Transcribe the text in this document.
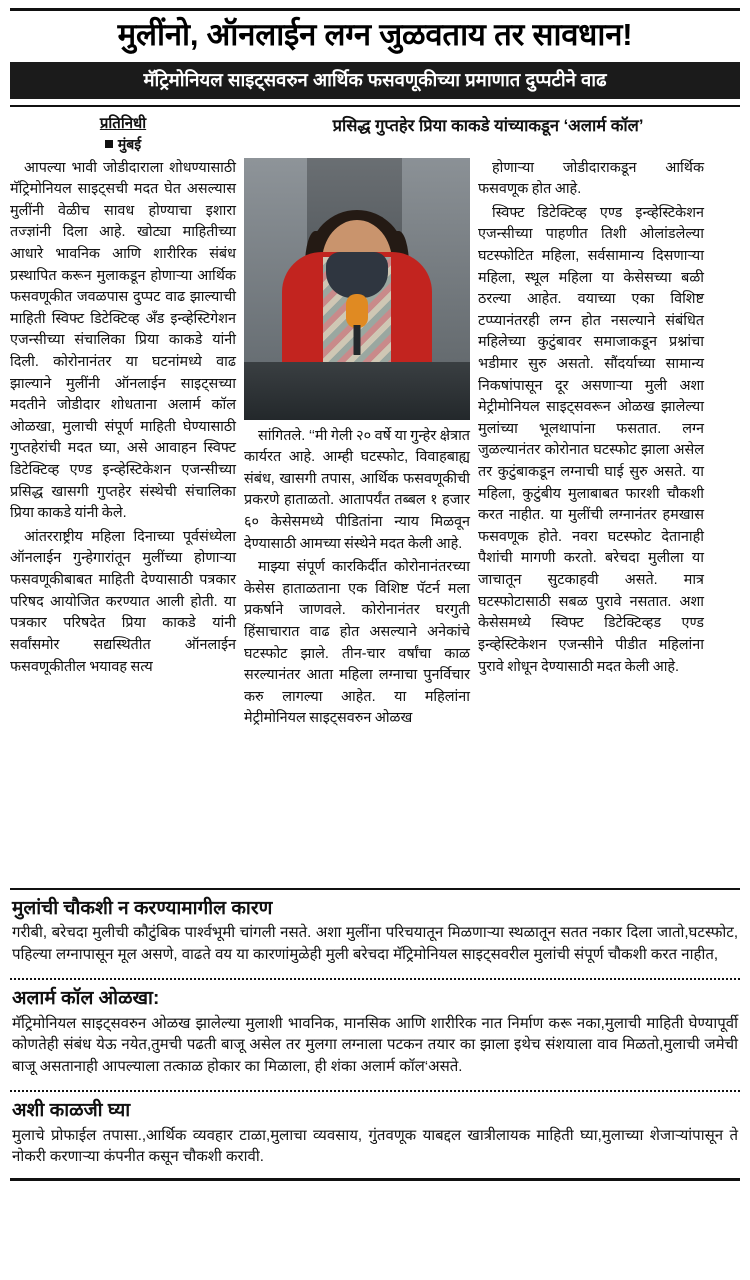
मुलींनो, ऑनलाईन लग्न जुळवताय तर सावधान!
मॅट्रिमोनियल साइट्सवरुन आर्थिक फसवणूकीच्या प्रमाणात दुप्पटीने वाढ
प्रतिनिधी
मुंबई
प्रसिद्ध गुप्तहेर प्रिया काकडे यांच्याकडून ‘अलार्म कॉल’

आपल्या भावी जोडीदाराला शोधण्यासाठी मॅट्रिमोनियल साइट्सची मदत घेत असल्यास मुलींनी वेळीच सावध होण्याचा इशारा तज्ज्ञांनी दिला आहे. खोट्या माहितीच्या आधारे भावनिक आणि शारीरिक संबंध प्रस्थापित करून मुलाकडून होणाऱ्या आर्थिक फसवणूकीत जवळपास दुप्पट वाढ झाल्याची माहिती स्विफ्ट डिटेक्टिव्ह अँड इन्व्हेस्टिगेशन एजन्सीच्या संचालिका प्रिया काकडे यांनी दिली. कोरोनानंतर या घटनांमध्ये वाढ झाल्याने मुलींनी ऑनलाईन साइट्सच्या मदतीने जोडीदार शोधताना अलार्म कॉल ओळखा, मुलाची संपूर्ण माहिती घेण्यासाठी गुप्तहेरांची मदत घ्या, असे आवाहन स्विफ्ट डिटेक्टिव्ह एण्ड इन्व्हेस्टिकेशन एजन्सीच्या प्रसिद्ध खासगी गुप्तहेर संस्थेची संचालिका प्रिया काकडे यांनी केले.

आंतरराष्ट्रीय महिला दिनाच्या पूर्वसंध्येला ऑनलाईन गुन्हेगारांतून मुलींच्या होणाऱ्या फसवणूकीबाबत माहिती देण्यासाठी पत्रकार परिषद आयोजित करण्यात आली होती. या पत्रकार परिषदेत प्रिया काकडे यांनी सर्वांसमोर सद्यस्थितीत ऑनलाईन फसवणूकीतील भयावह सत्य

सांगितले. ‘‘मी गेली २० वर्षे या गुन्हेर क्षेत्रात कार्यरत आहे. आम्ही घटस्फोट, विवाहबाह्य संबंध, खासगी तपास, आर्थिक फसवणूकीची प्रकरणे हाताळतो. आतापर्यंत तब्बल १ हजार ६० केसेसमध्ये पीडितांना न्याय मिळवून देण्यासाठी आमच्या संस्थेने मदत केली आहे.

माझ्या संपूर्ण कारकिर्दीत कोरोनानंतरच्या केसेस हाताळताना एक विशिष्ट पॅटर्न मला प्रकर्षाने जाणवले. कोरोनानंतर घरगुती हिंसाचारात वाढ होत असल्याने अनेकांचे घटस्फोट झाले. तीन-चार वर्षांचा काळ सरल्यानंतर आता महिला लग्नाचा पुनर्विचार करु लागल्या आहेत. या महिलांना मेट्रीमोनियल साइट्सवरुन ओळख

होणाऱ्या जोडीदाराकडून आर्थिक फसवणूक होत आहे.

स्विफ्ट डिटेक्टिव्ह एण्ड इन्व्हेस्टिकेशन एजन्सीच्या पाहणीत तिशी ओलांडलेल्या घटस्फोटित महिला, सर्वसामान्य दिसणाऱ्या महिला, स्थूल महिला या केसेसच्या बळी ठरल्या आहेत. वयाच्या एका विशिष्ट टप्प्यानंतरही लग्न होत नसल्याने संबंधित महिलेच्या कुटुंबावर समाजाकडून प्रश्नांचा भडीमार सुरु असतो. सौंदर्याच्या सामान्य निकषांपासून दूर असणाऱ्या मुली अशा मेट्रीमोनियल साइट्सवरून ओळख झालेल्या मुलांच्या भूलथापांना फसतात. लग्न जुळल्यानंतर कोरोनात घटस्फोट झाला असेल तर कुटुंबाकडून लग्नाची घाई सुरु असते. या महिला, कुटुंबीय मुलाबाबत फारशी चौकशी करत नाहीत. या मुलींची लग्नानंतर हमखास फसवणूक होते. नवरा घटस्फोट देतानाही पैशांची मागणी करतो. बरेचदा मुलीला या जाचातून सुटकाहवी असते. मात्र घटस्फोटासाठी सबळ पुरावे नसतात. अशा केसेसमध्ये स्विफ्ट डिटेक्टिव्हड एण्ड इन्व्हेस्टिकेशन एजन्सीने पीडीत महिलांना पुरावे शोधून देण्यासाठी मदत केली आहे.

मुलांची चौकशी न करण्यामागील कारण

गरीबी, बरेचदा मुलीची कौटुंबिक पार्श्वभूमी चांगली नसते. अशा मुलींना परिचयातून मिळणाऱ्या स्थळातून सतत नकार दिला जातो,घटस्फोट, पहिल्या लग्नापासून मूल असणे, वाढते वय या कारणांमुळेही मुली बरेचदा मॅट्रिमोनियल साइट्सवरील मुलांची संपूर्ण चौकशी करत नाहीत,

अलार्म कॉल ओळखा:

मॅट्रिमोनियल साइट्सवरुन ओळख झालेल्या मुलाशी भावनिक, मानसिक आणि शारीरिक नात निर्माण करू नका,मुलाची माहिती घेण्यापूर्वी कोणतेही संबंध येऊ नयेत,तुमची पढती बाजू असेल तर मुलगा लग्नाला पटकन तयार का झाला इथेच संशयाला वाव मिळतो,मुलाची जमेची बाजू असतानाही आपल्याला तत्काळ होकार का मिळाला, ही शंका अलार्म कॉल‘असते.

अशी काळजी घ्या

मुलाचे प्रोफाईल तपासा.,आर्थिक व्यवहार टाळा,मुलाचा व्यवसाय, गुंतवणूक याबद्दल खात्रीलायक माहिती घ्या,मुलाच्या शेजाऱ्यांपासून ते नोकरी करणाऱ्या कंपनीत कसून चौकशी करावी.
